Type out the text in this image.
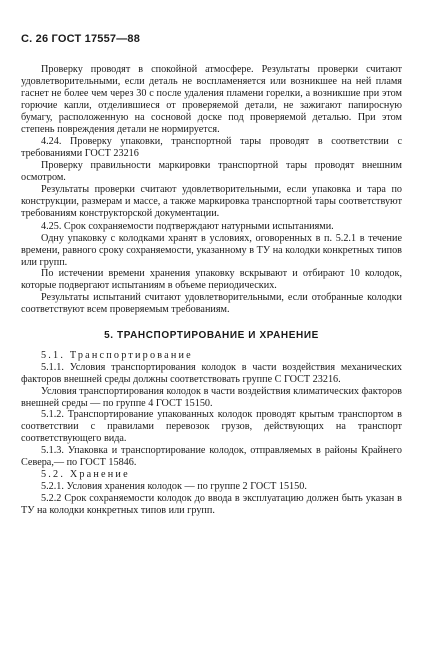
С. 26 ГОСТ 17557—88

Проверку проводят в спокойной атмосфере. Результаты проверки считают удовлетворительными, если деталь не воспламеняется или возникшее на ней пламя гаснет не более чем через 30 с после удаления пламени горелки, а возникшие при этом горючие капли, отделившиеся от проверяемой детали, не зажигают папиросную бумагу, расположенную на сосновой доске под проверяемой деталью. При этом степень повреждения детали не нормируется.

4.24. Проверку упаковки, транспортной тары проводят в соответствии с требованиями ГОСТ 23216

Проверку правильности маркировки транспортной тары проводят внешним осмотром.

Результаты проверки считают удовлетворительными, если упаковка и тара по конструкции, размерам и массе, а также маркировка транспортной тары соответствуют требованиям конструкторской документации.

4.25. Срок сохраняемости подтверждают натурными испытаниями.

Одну упаковку с колодками хранят в условиях, оговоренных в п. 5.2.1 в течение времени, равного сроку сохраняемости, указанному в ТУ на колодки конкретных типов или групп.

По истечении времени хранения упаковку вскрывают и отбирают 10 колодок, которые подвергают испытаниям в объеме периодических.

Результаты испытаний считают удовлетворительными, если отобранные колодки соответствуют всем проверяемым требованиям.

5. ТРАНСПОРТИРОВАНИЕ И ХРАНЕНИЕ

5.1. Транспортирование

5.1.1. Условия транспортирования колодок в части воздействия механических факторов внешней среды должны соответствовать группе С ГОСТ 23216.

Условия транспортирования колодок в части воздействия климатических факторов внешней среды — по группе 4 ГОСТ 15150.

5.1.2. Транспортирование упакованных колодок проводят крытым транспортом в соответствии с правилами перевозок грузов, действующих на транспорт соответствующего вида.

5.1.3. Упаковка и транспортирование колодок, отправляемых в районы Крайнего Севера,— по ГОСТ 15846.

5.2. Хранение

5.2.1. Условия хранения колодок — по группе 2 ГОСТ 15150.

5.2.2 Срок сохраняемости колодок до ввода в эксплуатацию должен быть указан в ТУ на колодки конкретных типов или групп.
